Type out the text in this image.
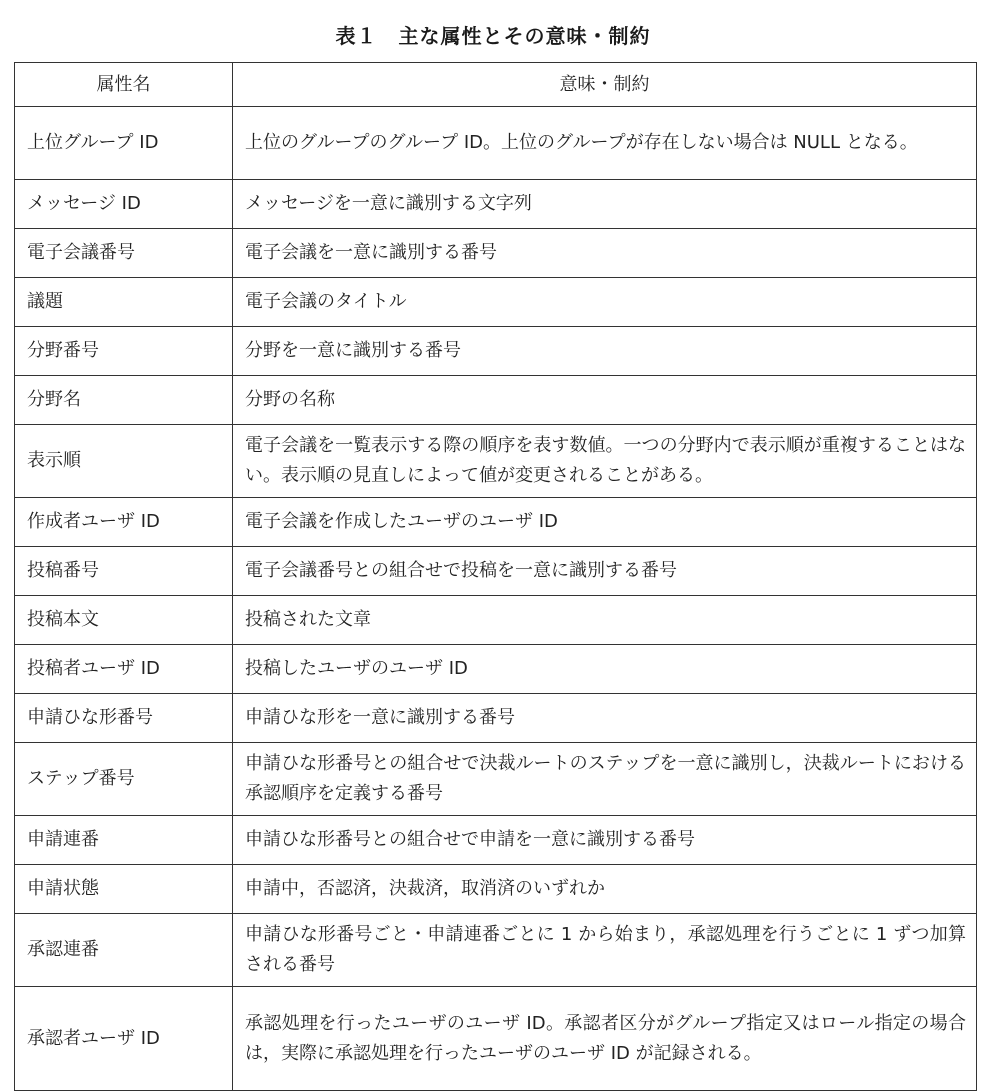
表１　主な属性とその意味・制約
属性名	意味・制約
上位グループ ID	上位のグループのグループ ID。上位のグループが存在しない場合は NULL となる。
メッセージ ID	メッセージを一意に識別する文字列
電子会議番号	電子会議を一意に識別する番号
議題	電子会議のタイトル
分野番号	分野を一意に識別する番号
分野名	分野の名称
表示順	電子会議を一覧表示する際の順序を表す数値。一つの分野内で表示順が重複することはない。表示順の見直しによって値が変更されることがある。
作成者ユーザ ID	電子会議を作成したユーザのユーザ ID
投稿番号	電子会議番号との組合せで投稿を一意に識別する番号
投稿本文	投稿された文章
投稿者ユーザ ID	投稿したユーザのユーザ ID
申請ひな形番号	申請ひな形を一意に識別する番号
ステップ番号	申請ひな形番号との組合せで決裁ルートのステップを一意に識別し，決裁ルートにおける承認順序を定義する番号
申請連番	申請ひな形番号との組合せで申請を一意に識別する番号
申請状態	申請中，否認済，決裁済，取消済のいずれか
承認連番	申請ひな形番号ごと・申請連番ごとに 1 から始まり，承認処理を行うごとに 1 ずつ加算される番号
承認者ユーザ ID	承認処理を行ったユーザのユーザ ID。承認者区分がグループ指定又はロール指定の場合は，実際に承認処理を行ったユーザのユーザ ID が記録される。
